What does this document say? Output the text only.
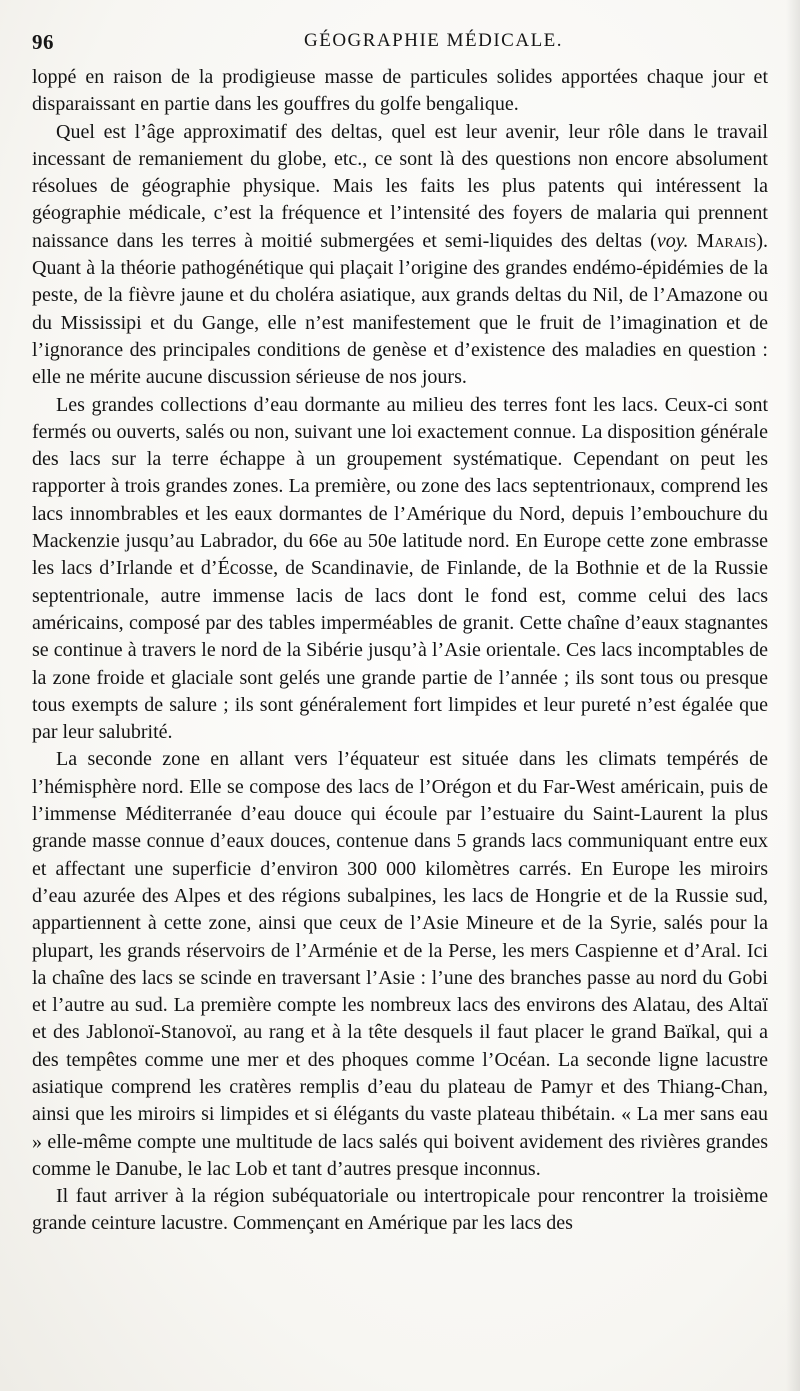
96	GÉOGRAPHIE MÉDICALE.

loppé en raison de la prodigieuse masse de particules solides apportées chaque jour et disparaissant en partie dans les gouffres du golfe bengalique.

Quel est l’âge approximatif des deltas, quel est leur avenir, leur rôle dans le travail incessant de remaniement du globe, etc., ce sont là des questions non encore absolument résolues de géographie physique. Mais les faits les plus patents qui intéressent la géographie médicale, c’est la fréquence et l’intensité des foyers de malaria qui prennent naissance dans les terres à moitié submergées et semi-liquides des deltas (voy. Marais). Quant à la théorie pathogénétique qui plaçait l’origine des grandes endémo-épidémies de la peste, de la fièvre jaune et du choléra asiatique, aux grands deltas du Nil, de l’Amazone ou du Mississipi et du Gange, elle n’est manifestement que le fruit de l’imagination et de l’ignorance des principales conditions de genèse et d’existence des maladies en question : elle ne mérite aucune discussion sérieuse de nos jours.

Les grandes collections d’eau dormante au milieu des terres font les lacs. Ceux-ci sont fermés ou ouverts, salés ou non, suivant une loi exactement connue. La disposition générale des lacs sur la terre échappe à un groupement systématique. Cependant on peut les rapporter à trois grandes zones. La première, ou zone des lacs septentrionaux, comprend les lacs innombrables et les eaux dormantes de l’Amérique du Nord, depuis l’embouchure du Mackenzie jusqu’au Labrador, du 66e au 50e latitude nord. En Europe cette zone embrasse les lacs d’Irlande et d’Écosse, de Scandinavie, de Finlande, de la Bothnie et de la Russie septentrionale, autre immense lacis de lacs dont le fond est, comme celui des lacs américains, composé par des tables imperméables de granit. Cette chaîne d’eaux stagnantes se continue à travers le nord de la Sibérie jusqu’à l’Asie orientale. Ces lacs incomptables de la zone froide et glaciale sont gelés une grande partie de l’année ; ils sont tous ou presque tous exempts de salure ; ils sont généralement fort limpides et leur pureté n’est égalée que par leur salubrité.

La seconde zone en allant vers l’équateur est située dans les climats tempérés de l’hémisphère nord. Elle se compose des lacs de l’Orégon et du Far-West américain, puis de l’immense Méditerranée d’eau douce qui écoule par l’estuaire du Saint-Laurent la plus grande masse connue d’eaux douces, contenue dans 5 grands lacs communiquant entre eux et affectant une superficie d’environ 300 000 kilomètres carrés. En Europe les miroirs d’eau azurée des Alpes et des régions subalpines, les lacs de Hongrie et de la Russie sud, appartiennent à cette zone, ainsi que ceux de l’Asie Mineure et de la Syrie, salés pour la plupart, les grands réservoirs de l’Arménie et de la Perse, les mers Caspienne et d’Aral. Ici la chaîne des lacs se scinde en traversant l’Asie : l’une des branches passe au nord du Gobi et l’autre au sud. La première compte les nombreux lacs des environs des Alatau, des Altaï et des Jablonoï-Stanovoï, au rang et à la tête desquels il faut placer le grand Baïkal, qui a des tempêtes comme une mer et des phoques comme l’Océan. La seconde ligne lacustre asiatique comprend les cratères remplis d’eau du plateau de Pamyr et des Thiang-Chan, ainsi que les miroirs si limpides et si élégants du vaste plateau thibétain. « La mer sans eau » elle-même compte une multitude de lacs salés qui boivent avidement des rivières grandes comme le Danube, le lac Lob et tant d’autres presque inconnus.

Il faut arriver à la région subéquatoriale ou intertropicale pour rencontrer la troisième grande ceinture lacustre. Commençant en Amérique par les lacs des
